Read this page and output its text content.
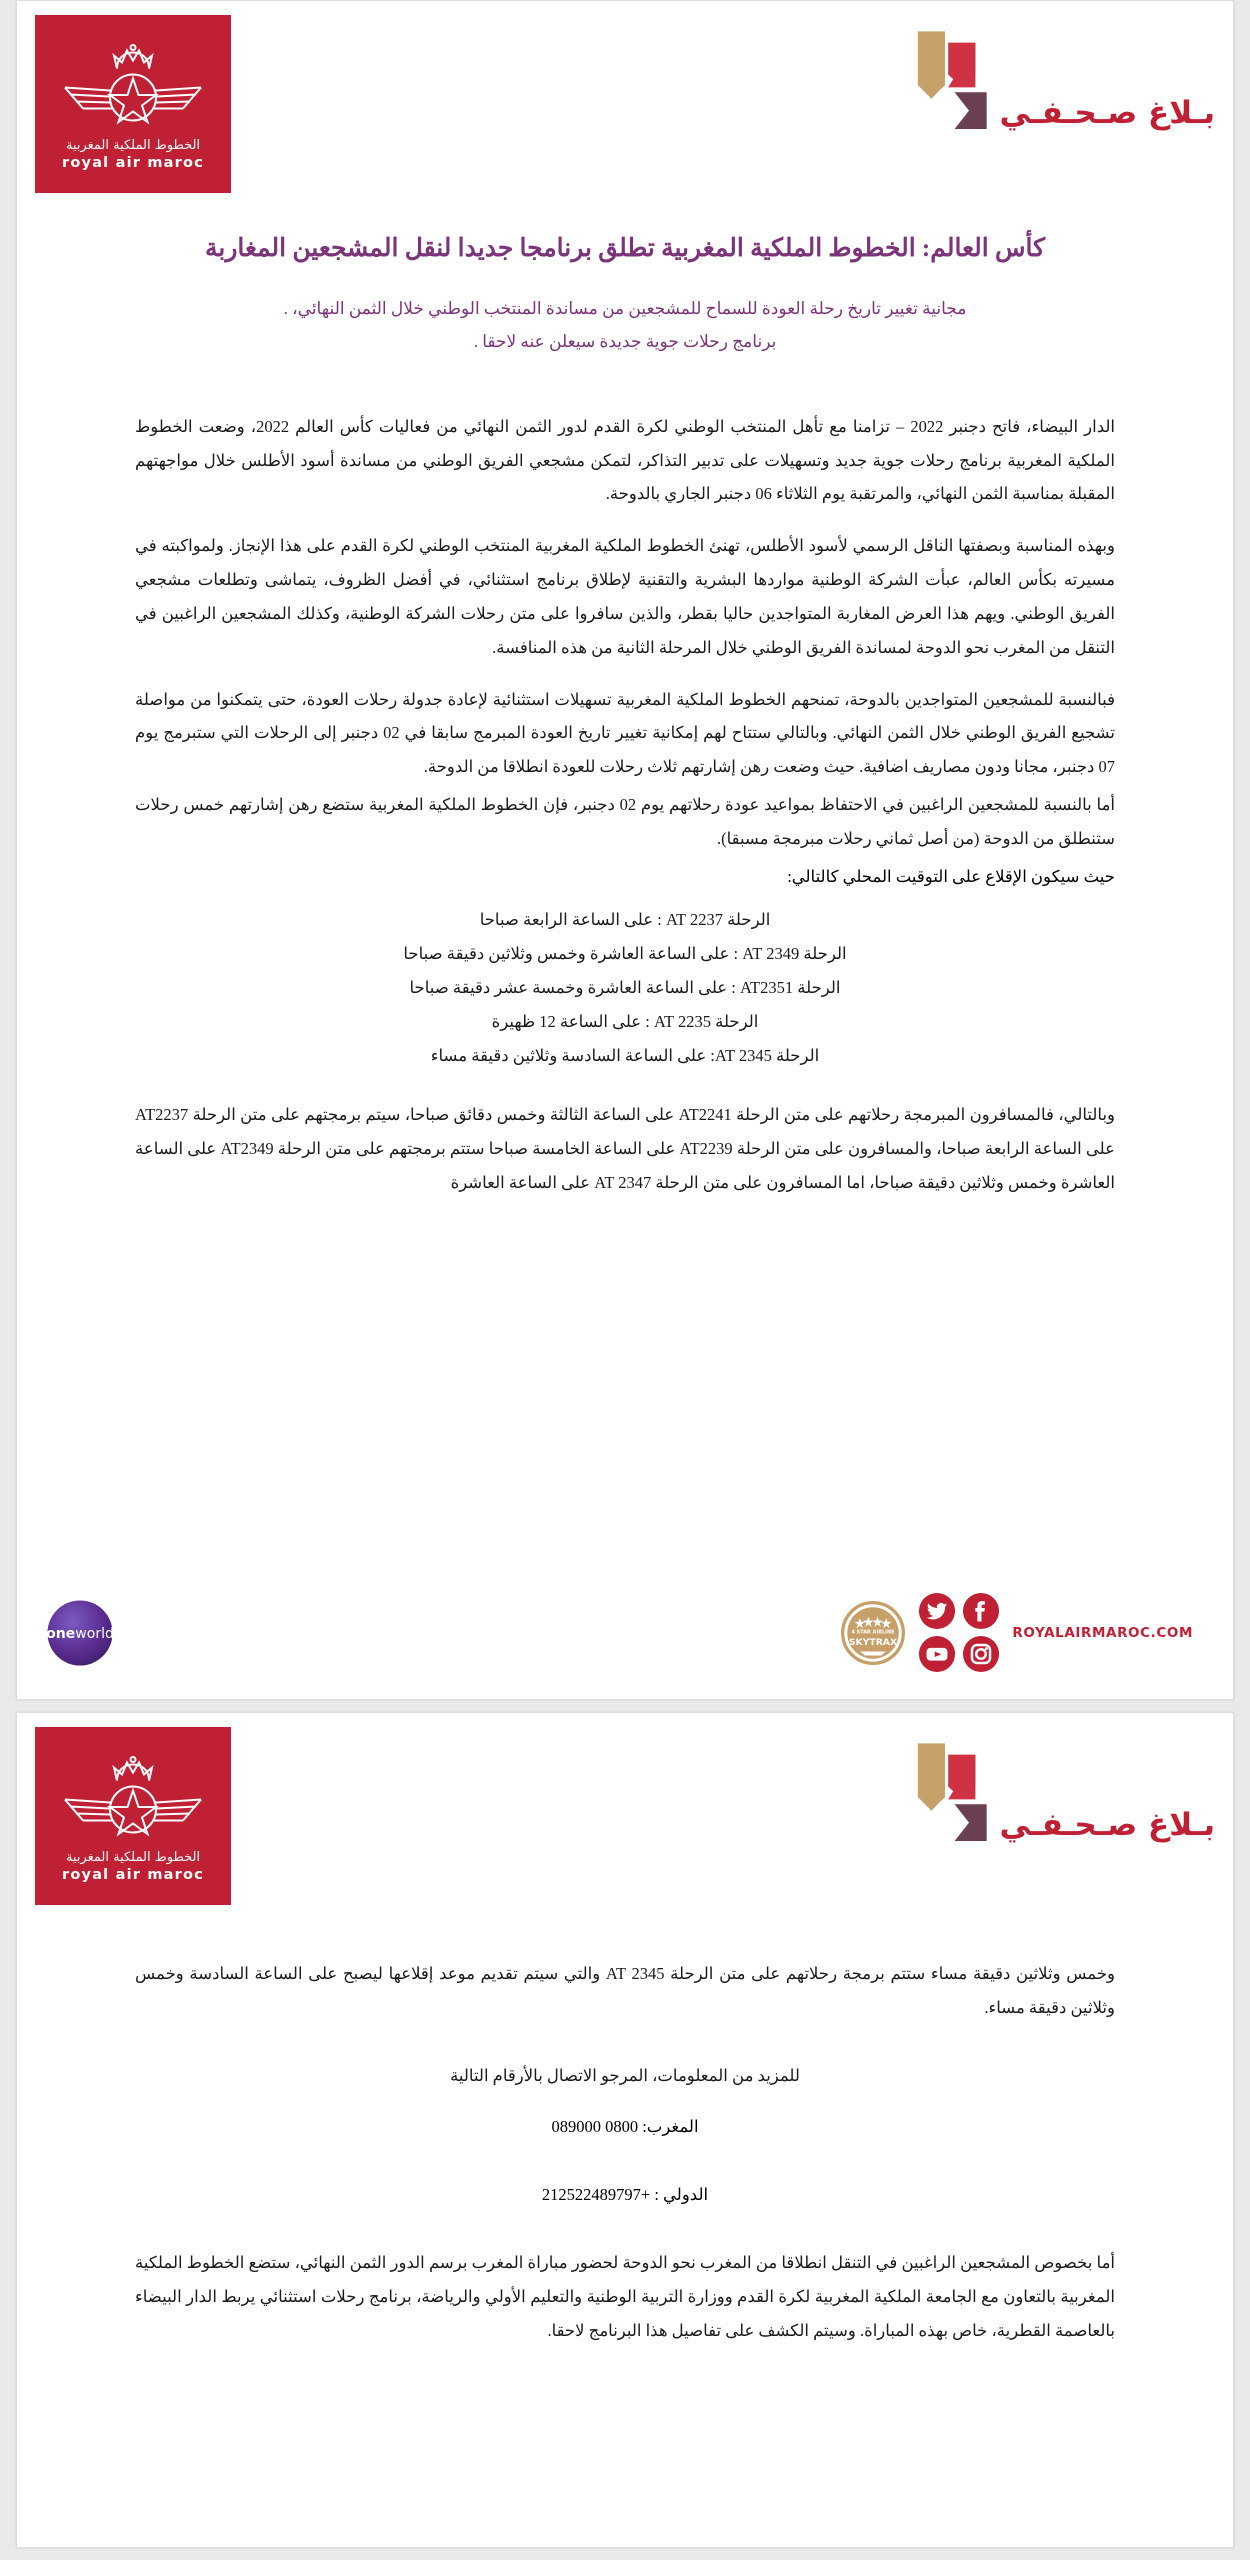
الخطوط الملكية المغربية
royal air maroc
بـلاغ صـحـفـي
كأس العالم: الخطوط الملكية المغربية تطلق برنامجا جديدا لنقل المشجعين المغاربة
مجانية تغيير تاريخ رحلة العودة للسماح للمشجعين من مساندة المنتخب الوطني خلال الثمن النهائي، .
برنامج رحلات جوية جديدة سيعلن عنه لاحقا .

الدار البيضاء، فاتح دجنبر 2022 – تزامنا مع تأهل المنتخب الوطني لكرة القدم لدور الثمن النهائي من فعاليات كأس العالم 2022، وضعت الخطوط الملكية المغربية برنامج رحلات جوية جديد وتسهيلات على تدبير التذاكر، لتمكن مشجعي الفريق الوطني من مساندة أسود الأطلس خلال مواجهتهم المقبلة بمناسبة الثمن النهائي، والمرتقبة يوم الثلاثاء 06 دجنبر الجاري بالدوحة.

وبهذه المناسبة وبصفتها الناقل الرسمي لأسود الأطلس، تهنئ الخطوط الملكية المغربية المنتخب الوطني لكرة القدم على هذا الإنجاز. ولمواكبته في مسيرته بكأس العالم، عبأت الشركة الوطنية مواردها البشرية والتقنية لإطلاق برنامج استثنائي، في أفضل الظروف، يتماشى وتطلعات مشجعي الفريق الوطني. ويهم هذا العرض المغاربة المتواجدين حاليا بقطر، والذين سافروا على متن رحلات الشركة الوطنية، وكذلك المشجعين الراغبين في التنقل من المغرب نحو الدوحة لمساندة الفريق الوطني خلال المرحلة الثانية من هذه المنافسة.

فبالنسبة للمشجعين المتواجدين بالدوحة، تمنحهم الخطوط الملكية المغربية تسهيلات استثنائية لإعادة جدولة رحلات العودة، حتى يتمكنوا من مواصلة تشجيع الفريق الوطني خلال الثمن النهائي. وبالتالي ستتاح لهم إمكانية تغيير تاريخ العودة المبرمج سابقا في 02 دجنبر إلى الرحلات التي ستبرمج يوم 07 دجنبر، مجانا ودون مصاريف اضافية. حيث وضعت رهن إشارتهم ثلاث رحلات للعودة انطلاقا من الدوحة.

أما بالنسبة للمشجعين الراغبين في الاحتفاظ بمواعيد عودة رحلاتهم يوم 02 دجنبر، فإن الخطوط الملكية المغربية ستضع رهن إشارتهم خمس رحلات ستنطلق من الدوحة (من أصل ثماني رحلات مبرمجة مسبقا).

حيث سيكون الإقلاع على التوقيت المحلي كالتالي:

الرحلة AT 2237 : على الساعة الرابعة صباحا
الرحلة AT 2349 : على الساعة العاشرة وخمس وثلاثين دقيقة صباحا
الرحلة AT2351 : على الساعة العاشرة وخمسة عشر دقيقة صباحا
الرحلة AT 2235 : على الساعة 12 ظهيرة
الرحلة AT 2345: على الساعة السادسة وثلاثين دقيقة مساء

وبالتالي، فالمسافرون المبرمجة رحلاتهم على متن الرحلة AT2241 على الساعة الثالثة وخمس دقائق صباحا، سيتم برمجتهم على متن الرحلة AT2237 على الساعة الرابعة صباحا، والمسافرون على متن الرحلة AT2239 على الساعة الخامسة صباحا ستتم برمجتهم على متن الرحلة AT2349 على الساعة العاشرة وخمس وثلاثين دقيقة صباحا، اما المسافرون على متن الرحلة AT 2347 على الساعة العاشرة

4 STAR AIRLINE
SKYTRAX
ROYALAIRMAROC.COM
oneworld
الخطوط الملكية المغربية
royal air maroc
بـلاغ صـحـفـي

وخمس وثلاثين دقيقة مساء ستتم برمجة رحلاتهم على متن الرحلة AT 2345 والتي سيتم تقديم موعد إقلاعها ليصبح على الساعة السادسة وخمس وثلاثين دقيقة مساء.

للمزيد من المعلومات، المرجو الاتصال بالأرقام التالية

المغرب: 0800 089000
الدولي : +212522489797

أما بخصوص المشجعين الراغبين في التنقل انطلاقا من المغرب نحو الدوحة لحضور مباراة المغرب برسم الدور الثمن النهائي، ستضع الخطوط الملكية المغربية بالتعاون مع الجامعة الملكية المغربية لكرة القدم ووزارة التربية الوطنية والتعليم الأولي والرياضة، برنامج رحلات استثنائي يربط الدار البيضاء بالعاصمة القطرية، خاص بهذه المباراة. وسيتم الكشف على تفاصيل هذا البرنامج لاحقا.
